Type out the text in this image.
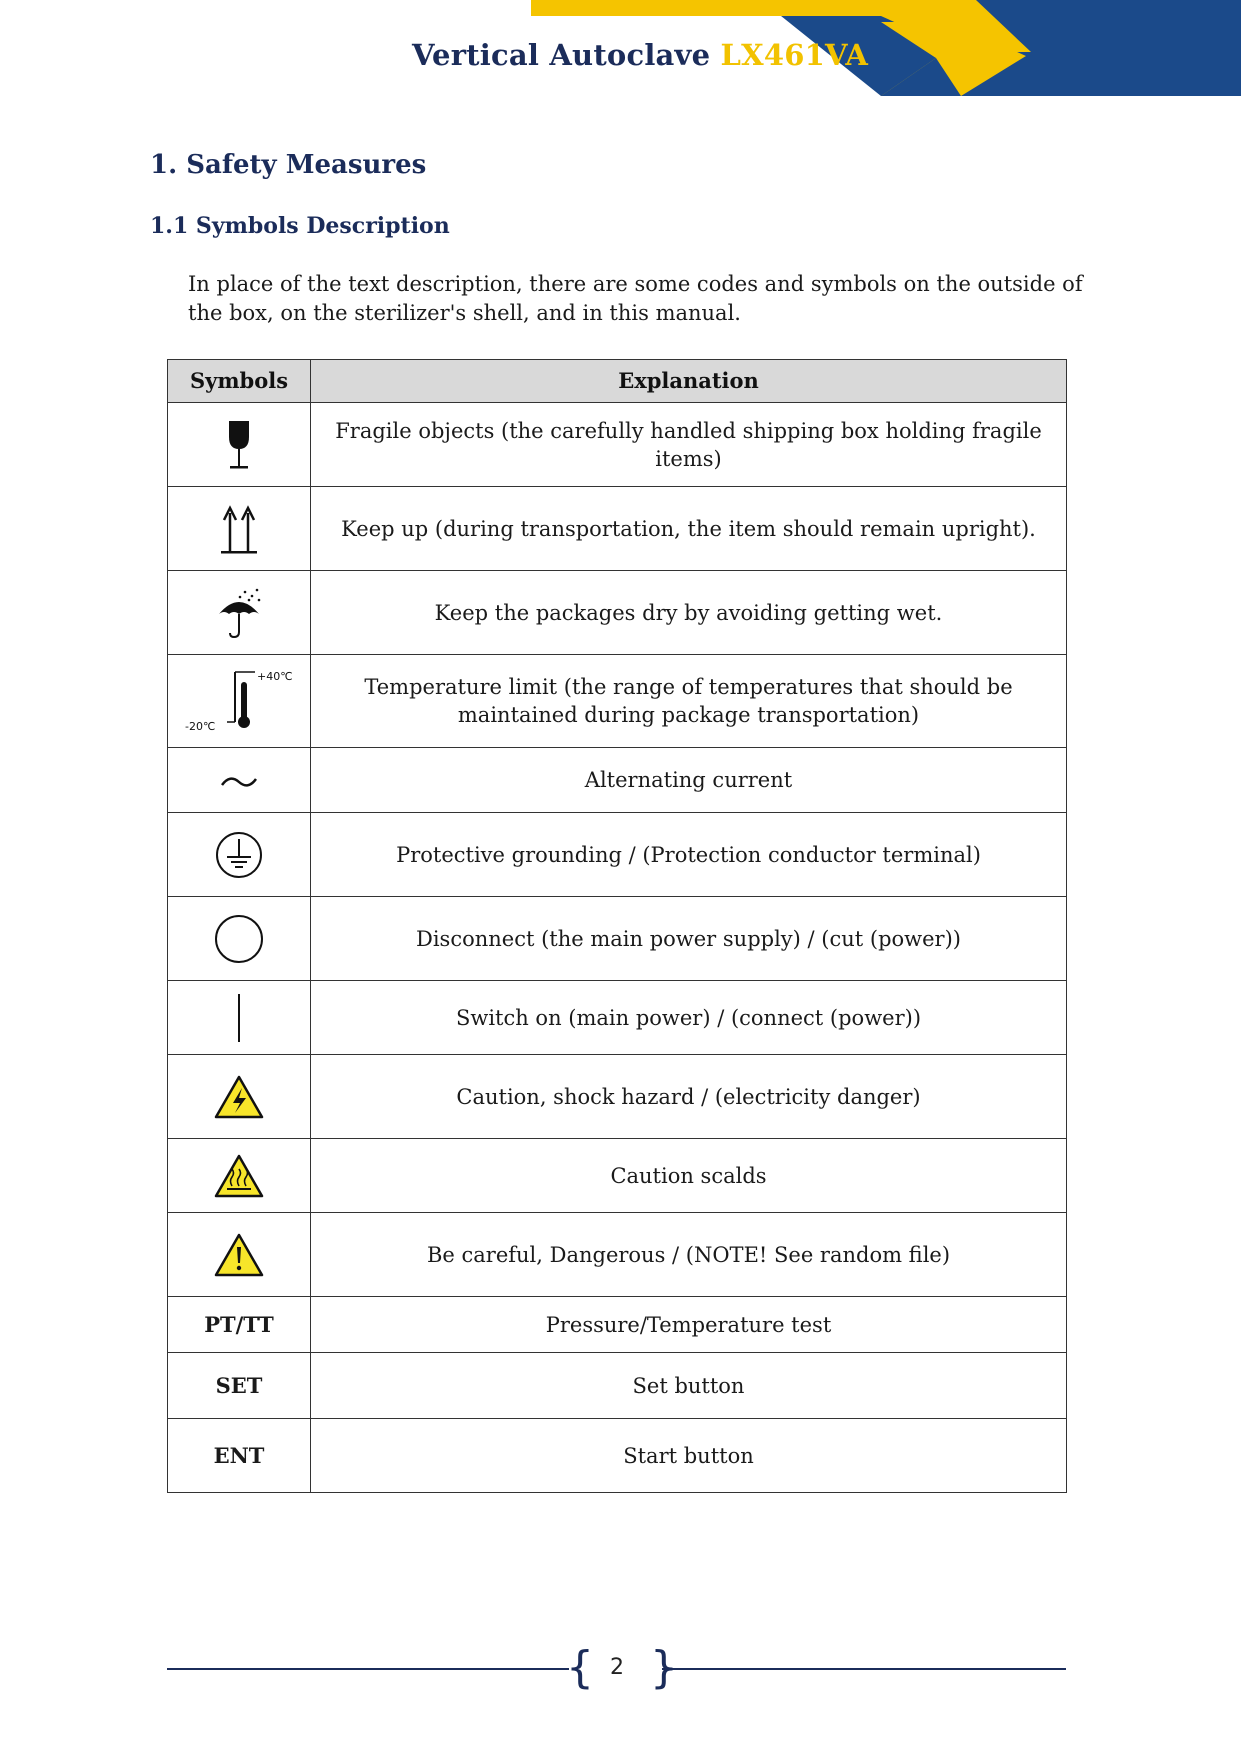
Vertical Autoclave LX461VA
1. Safety Measures
1.1 Symbols Description
In place of the text description, there are some codes and symbols on the outside of the box, on the sterilizer's shell, and in this manual.
Symbols	Explanation
	Fragile objects (the carefully handled shipping box holding fragile items)
	Keep up (during transportation, the item should remain upright).
	Keep the packages dry by avoiding getting wet.

+40℃
-20℃	Temperature limit (the range of temperatures that should be maintained during package transportation)
	Alternating current
	Protective grounding / (Protection conductor terminal)
	Disconnect (the main power supply) / (cut (power))
	Switch on (main power) / (connect (power))
	Caution, shock hazard / (electricity danger)
	Caution scalds
	Be careful, Dangerous / (NOTE! See random file)
PT/TT	Pressure/Temperature test
SET	Set button
ENT	Start button
{ }
2
